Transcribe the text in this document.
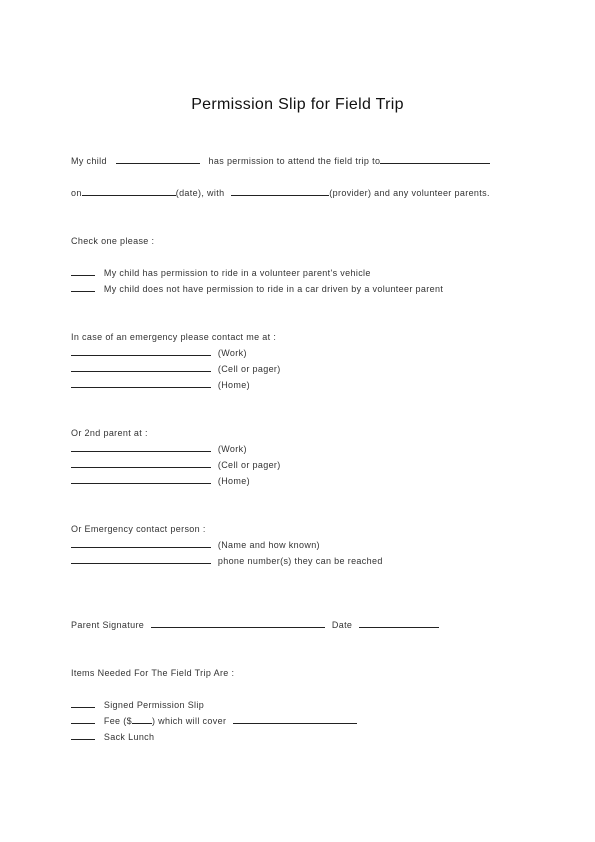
Permission Slip for Field Trip
My child	has permission to attend the field trip to
on	(date), with	(provider) and any volunteer parents.
Check one please :
My child has permission to ride in a volunteer parent's vehicle
My child does not have permission to ride in a car driven by a volunteer parent
In case of an emergency please contact me at :
(Work)
(Cell or pager)
(Home)
Or 2nd parent at :
(Work)
(Cell or pager)
(Home)
Or Emergency contact person :
(Name and how known)
phone number(s) they can be reached
Parent Signature	Date
Items Needed For The Field Trip Are :
Signed Permission Slip
Fee ($ ) which will cover
Sack Lunch
